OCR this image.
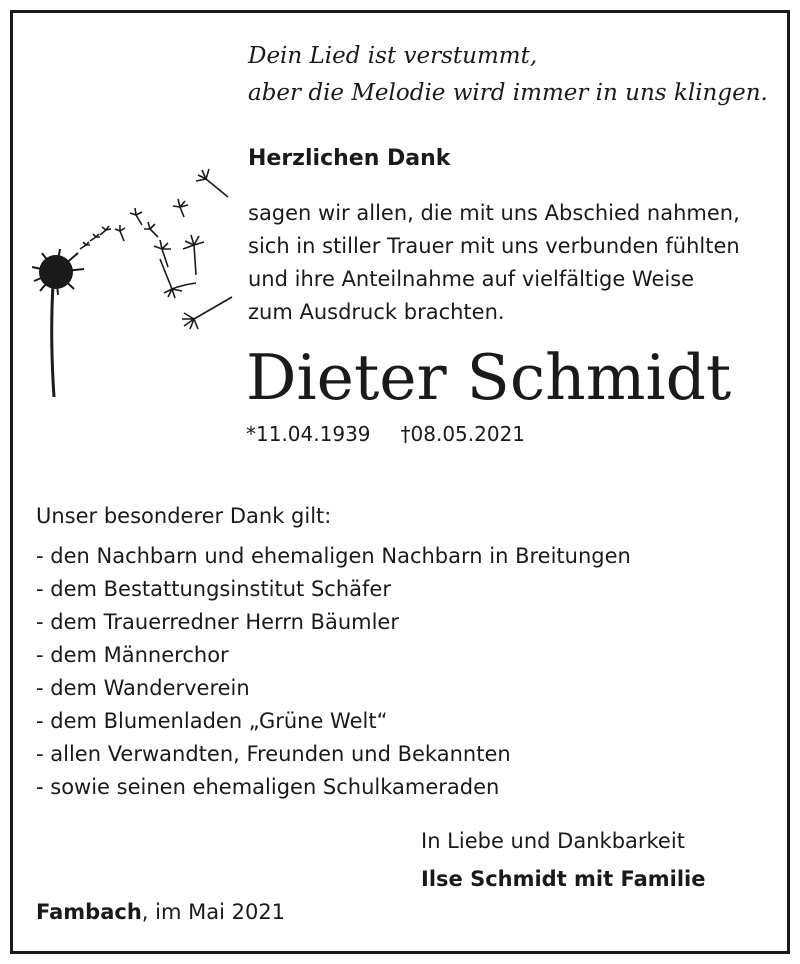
Dein Lied ist verstummt,
aber die Melodie wird immer in uns klingen.
Herzlichen Dank
sagen wir allen, die mit uns Abschied nahmen,
sich in stiller Trauer mit uns verbunden fühlten
und ihre Anteilnahme auf vielfältige Weise
zum Ausdruck brachten.
Dieter Schmidt
*11.04.1939 †08.05.2021
Unser besonderer Dank gilt:
- den Nachbarn und ehemaligen Nachbarn in Breitungen
- dem Bestattungsinstitut Schäfer
- dem Trauerredner Herrn Bäumler
- dem Männerchor
- dem Wanderverein
- dem Blumenladen „Grüne Welt“
- allen Verwandten, Freunden und Bekannten
- sowie seinen ehemaligen Schulkameraden
In Liebe und Dankbarkeit
Ilse Schmidt mit Familie
Fambach, im Mai 2021
